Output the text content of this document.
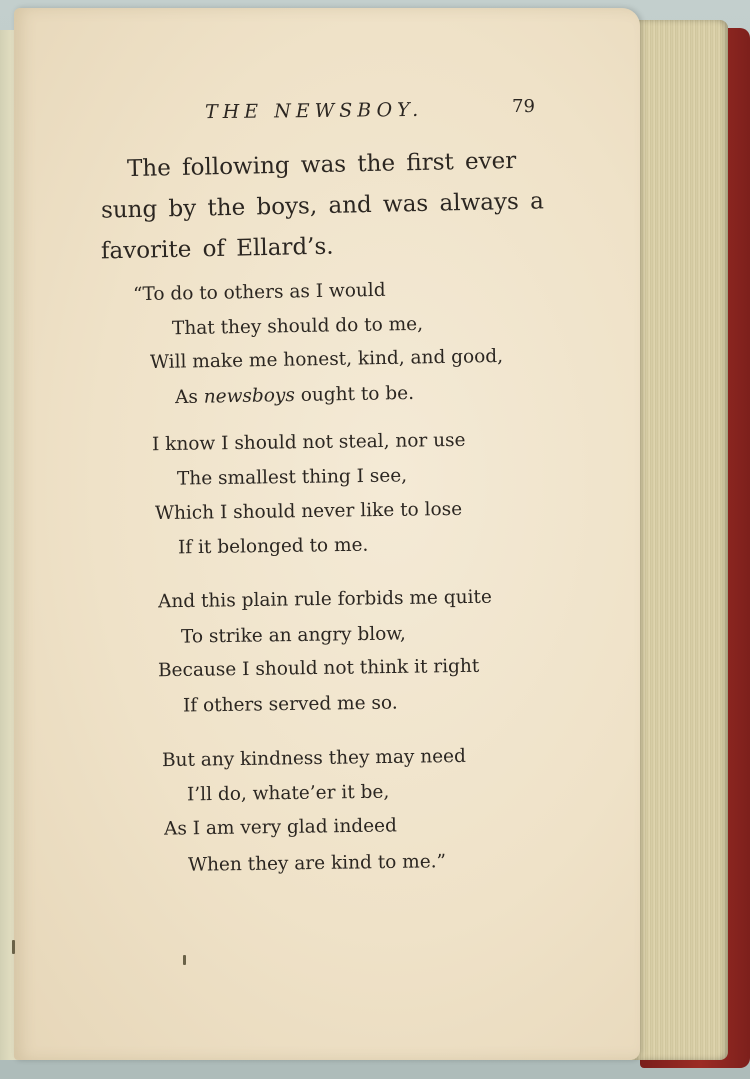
THE NEWSBOY.	79
The following was the first ever
sung by the boys, and was always a
favorite of Ellard’s.
“To do to others as I would
That they should do to me,
Will make me honest, kind, and good,
As newsboys ought to be.
I know I should not steal, nor use
The smallest thing I see,
Which I should never like to lose
If it belonged to me.
And this plain rule forbids me quite
To strike an angry blow,
Because I should not think it right
If others served me so.
But any kindness they may need
I’ll do, whate’er it be,
As I am very glad indeed
When they are kind to me.”
